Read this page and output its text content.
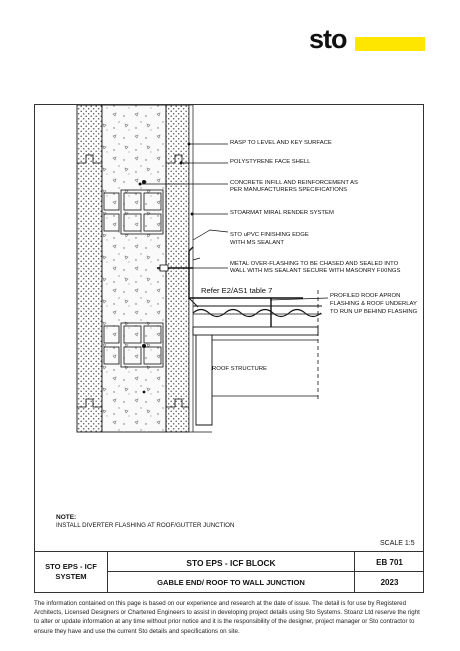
sto
RASP TO LEVEL AND KEY SURFACE
POLYSTYRENE FACE SHELL
CONCRETE INFILL AND REINFORCEMENT AS
PER MANUFACTURERS SPECIFICATIONS
STOARMAT MIRAL RENDER SYSTEM
STO uPVC FINISHING EDGE
WITH MS SEALANT
METAL OVER-FLASHING TO BE CHASED AND SEALED INTO
WALL WITH MS SEALANT SECURE WITH MASONRY FIXINGS
Refer E2/AS1 table 7
PROFILED ROOF APRON
FLASHING & ROOF UNDERLAY
TO RUN UP BEHIND FLASHING
ROOF STRUCTURE
NOTE:
INSTALL DIVERTER FLASHING AT ROOF/GUTTER JUNCTION
SCALE 1:5
STO EPS - ICF
SYSTEM
STO EPS - ICF BLOCK
GABLE END/ ROOF TO WALL JUNCTION
EB 701
2023
The information contained on this page is based on our experience and research at the date of issue. The detail is for use by Registered Architects, Licensed Designers or Chartered Engineers to assist in developing project details using Sto Systems. Stoanz Ltd reserve the right to alter or update information at any time without prior notice and it is the responsibility of the designer, project manager or Sto contractor to ensure they have and use the current Sto details and specifications on site.
